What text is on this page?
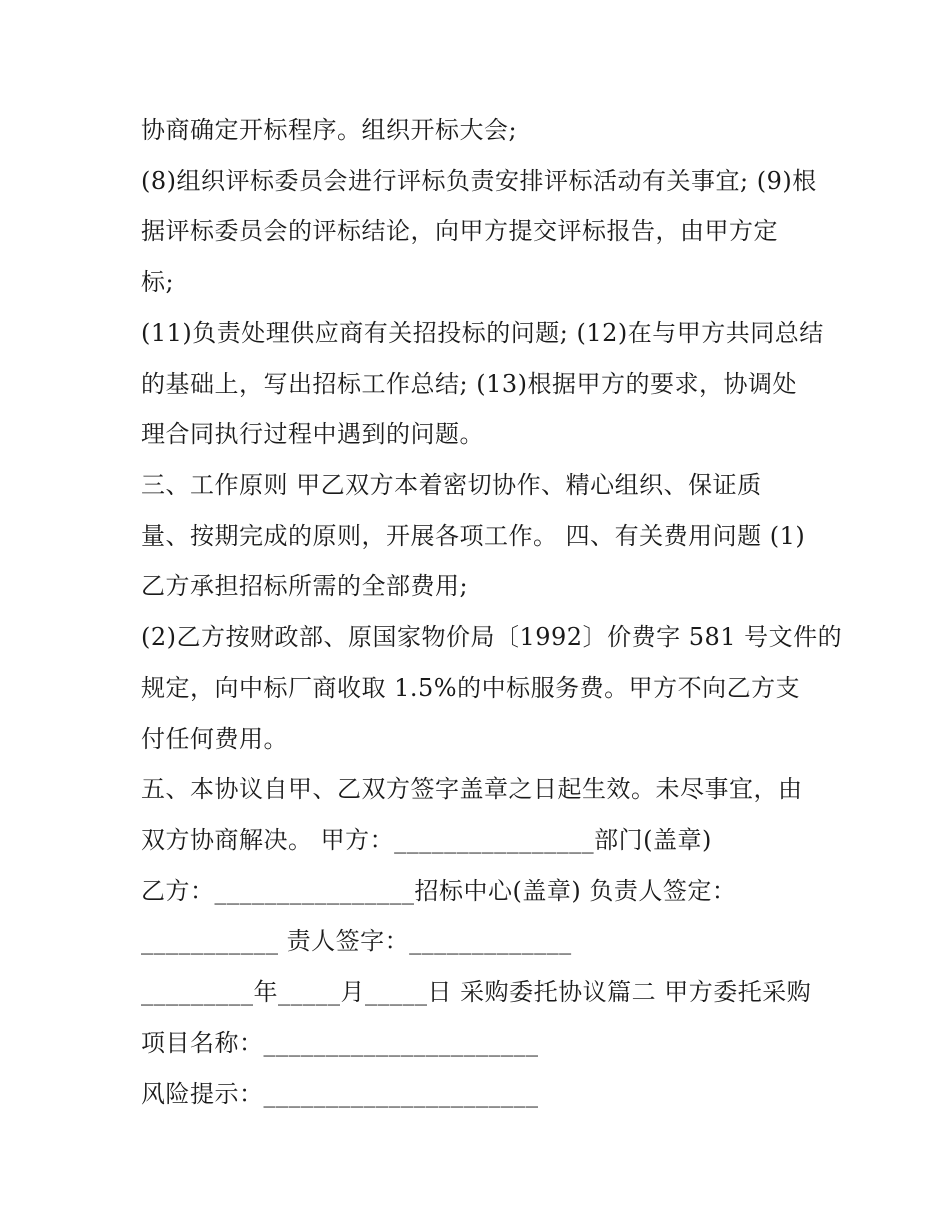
协商确定开标程序。组织开标大会;
(8)组织评标委员会进行评标负责安排评标活动有关事宜; (9)根
据评标委员会的评标结论，向甲方提交评标报告，由甲方定
标;
(11)负责处理供应商有关招投标的问题; (12)在与甲方共同总结
的基础上，写出招标工作总结; (13)根据甲方的要求，协调处
理合同执行过程中遇到的问题。
三、工作原则 甲乙双方本着密切协作、精心组织、保证质
量、按期完成的原则，开展各项工作。 四、有关费用问题 (1)
乙方承担招标所需的全部费用;
(2)乙方按财政部、原国家物价局〔1992〕价费字 581 号文件的
规定，向中标厂商收取 1.5%的中标服务费。甲方不向乙方支
付任何费用。
五、本协议自甲、乙双方签字盖章之日起生效。未尽事宜，由
双方协商解决。 甲方：________________部门(盖章)
乙方：________________招标中心(盖章) 负责人签定：
___________ 责人签字：_____________
_________年_____月_____日 采购委托协议篇二 甲方委托采购
项目名称：______________________
风险提示：______________________
